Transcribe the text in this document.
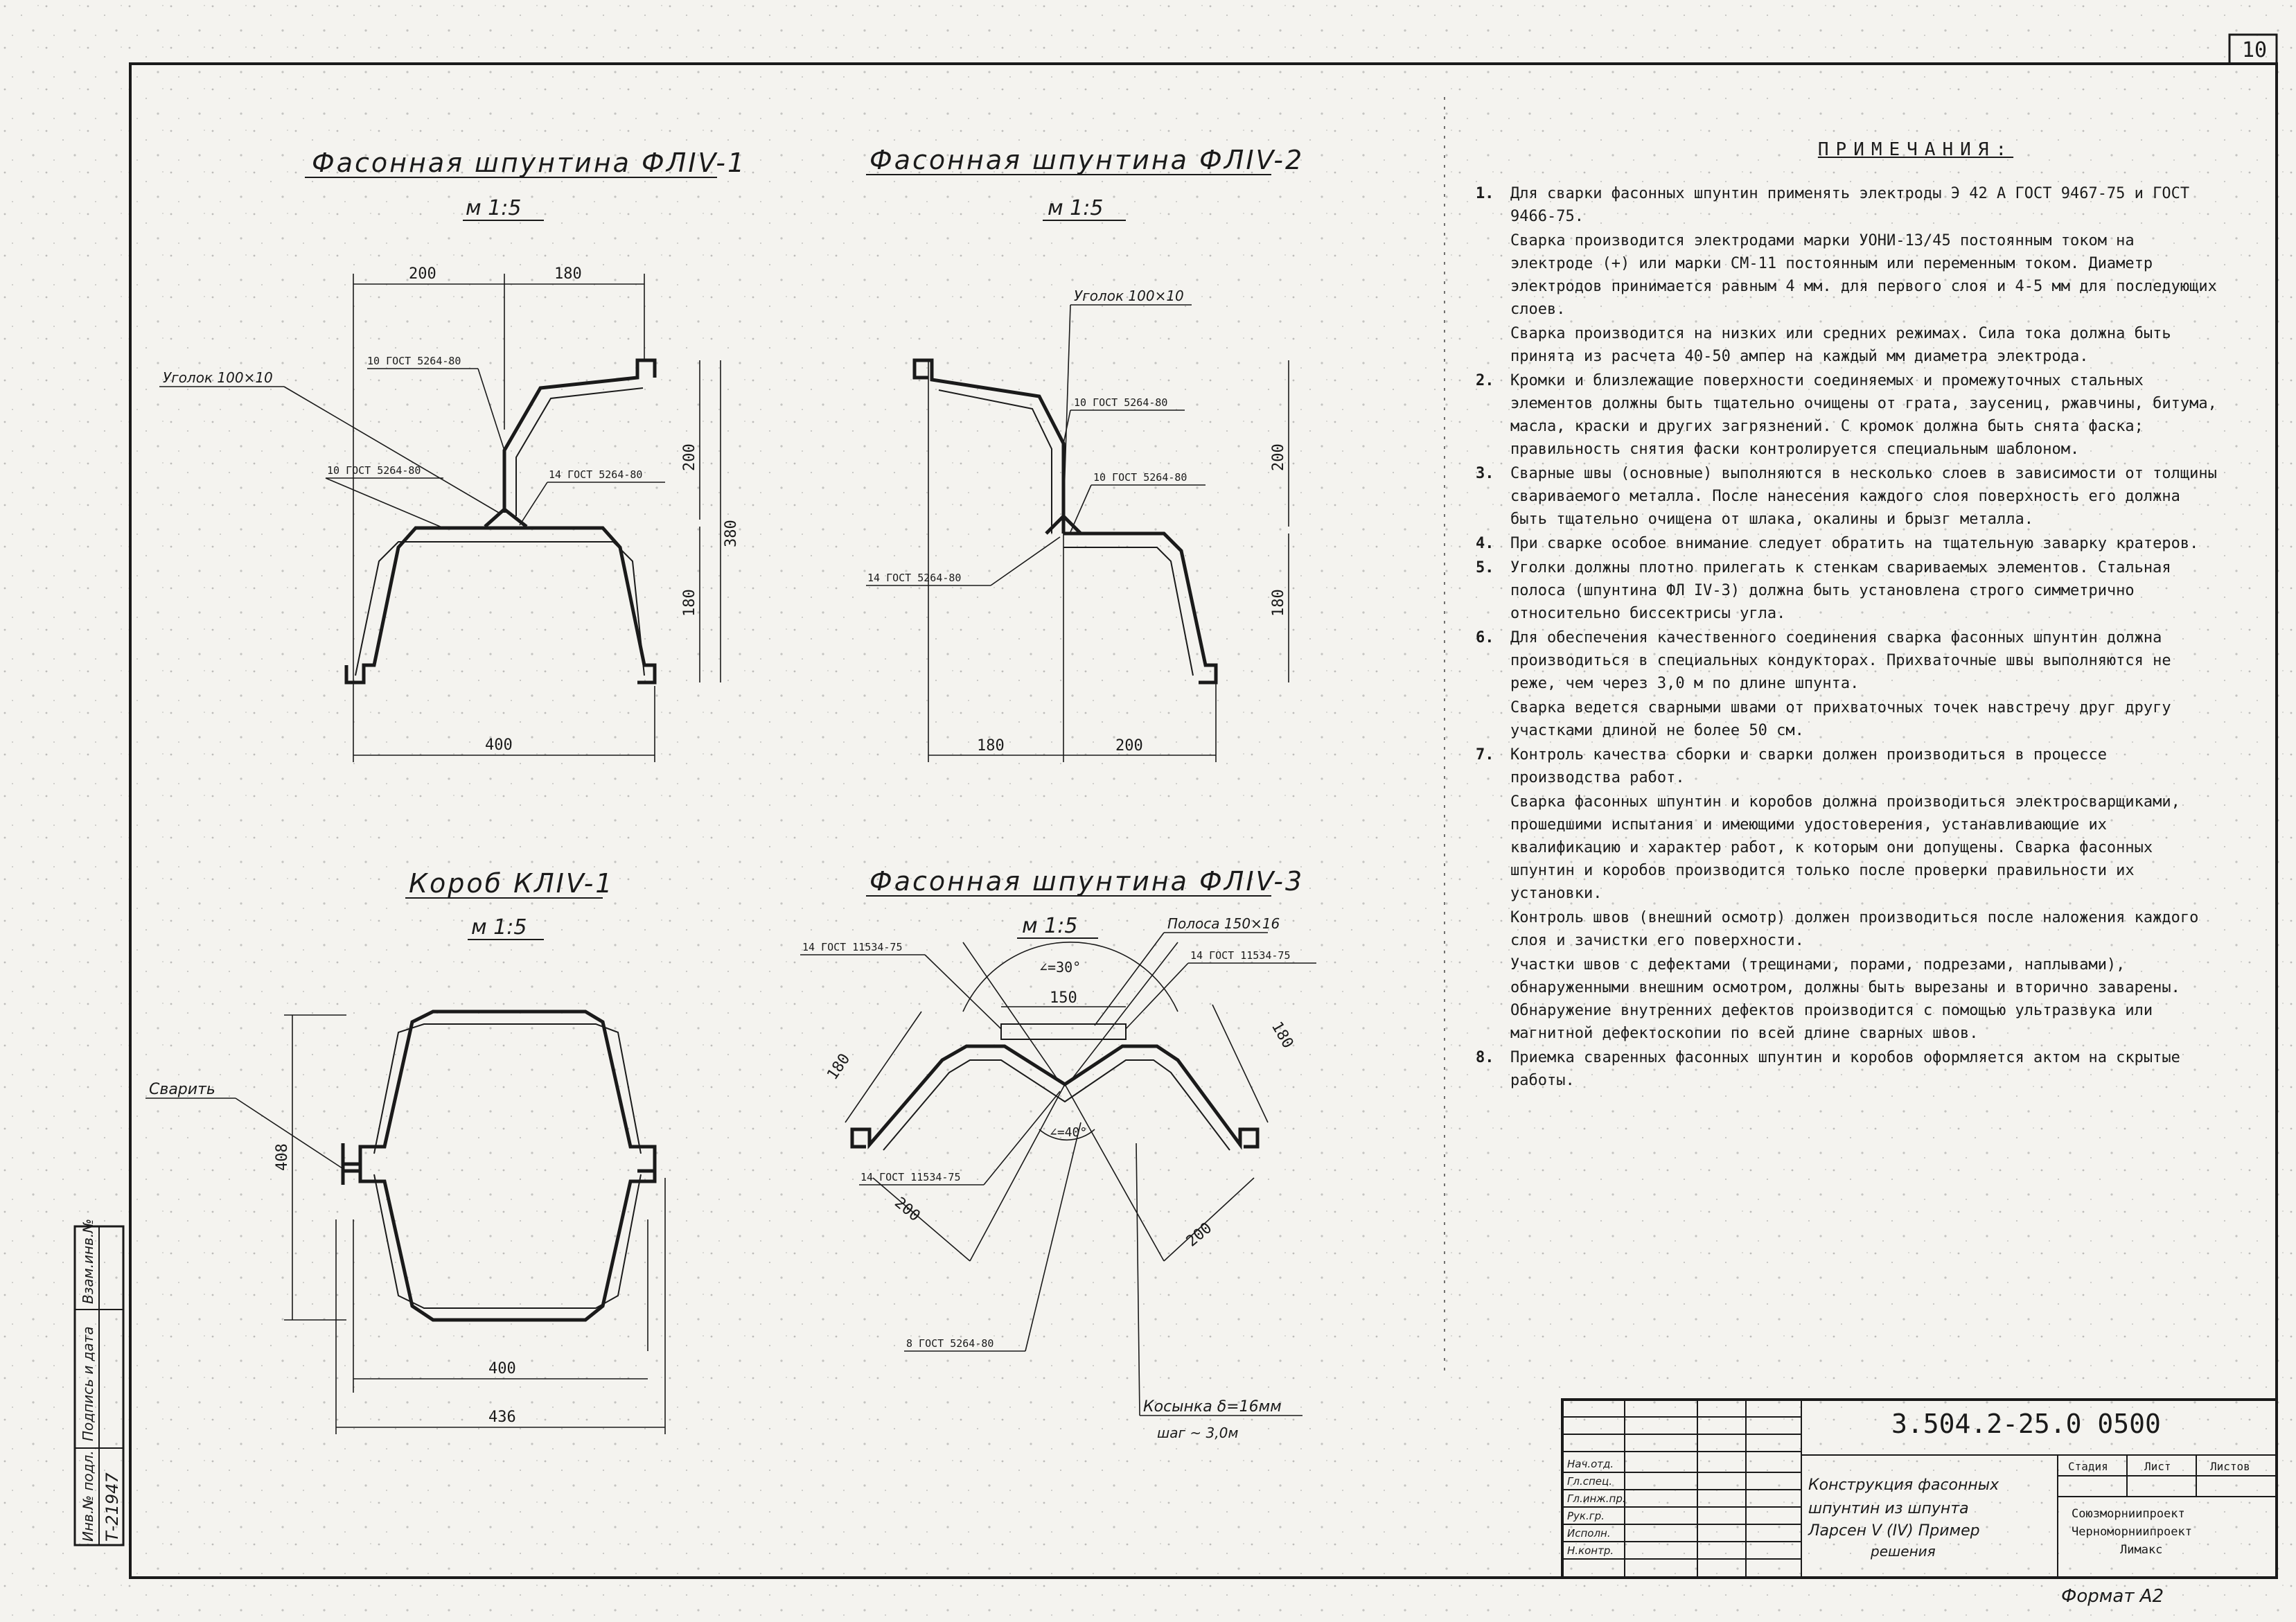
10
Инв.№ подл. Т-21947
Подпись и дата
Взам.инв.№
Фасонная шпунтина ФЛIV-1
м 1:5
200	180
200
180
380
400
Уголок 100×10
10 ГОСТ 5264-80
10 ГОСТ 5264-80	14 ГОСТ 5264-80
Фасонная шпунтина ФЛIV-2
м 1:5
180	200
200
180
Уголок 100×10
10 ГОСТ 5264-80
10 ГОСТ 5264-80
14 ГОСТ 5264-80
Короб КЛIV-1
м 1:5
408
400
436
Сварить
Фасонная шпунтина ФЛIV-3
м 1:5
∠=30°
150
∠=40°
180
180
200
200
14 ГОСТ 11534-75
14 ГОСТ 11534-75
Полоса 150×16
14 ГОСТ 11534-75
8 ГОСТ 5264-80
Косынка δ=16мм
шаг ~ 3,0м
Нач.отд.
Гл.спец.
Гл.инж.пр.
Рук.гр.
Исполн.
Н.контр.
3.504.2-25.0 0500
Конструкция фасонных
шпунтин из шпунта
Ларсен V (IV) Пример
решения
Стадия	Лист	Листов
Союзморниипроект
Черноморниипроект
Лимакс
Формат А2
ПРИМЕЧАНИЯ:
1. Для сварки фасонных шпунтин применять электроды Э 42 А ГОСТ 9467-75 и ГОСТ 9466-75.

Сварка производится электродами марки УОНИ-13/45 постоянным током на электроде (+) или марки СМ-11 постоянным или переменным током. Диаметр электродов принимается равным 4 мм. для первого слоя и 4-5 мм для последующих слоев.

Сварка производится на низких или средних режимах. Сила тока должна быть принята из расчета 40-50 ампер на каждый мм диаметра электрода.

2. Кромки и близлежащие поверхности соединяемых и промежуточных стальных элементов должны быть тщательно очищены от грата, заусениц, ржавчины, битума, масла, краски и других загрязнений. С кромок должна быть снята фаска; правильность снятия фаски контролируется специальным шаблоном.

3. Сварные швы (основные) выполняются в несколько слоев в зависимости от толщины свариваемого металла. После нанесения каждого слоя поверхность его должна быть тщательно очищена от шлака, окалины и брызг металла.

4. При сварке особое внимание следует обратить на тщательную заварку кратеров.

5. Уголки должны плотно прилегать к стенкам свариваемых элементов. Стальная полоса (шпунтина ФЛ IV-3) должна быть установлена строго симметрично относительно биссектрисы угла.

6. Для обеспечения качественного соединения сварка фасонных шпунтин должна производиться в специальных кондукторах. Прихваточные швы выполняются не реже, чем через 3,0 м по длине шпунта.

Сварка ведется сварными швами от прихваточных точек навстречу друг другу участками длиной не более 50 см.

7. Контроль качества сборки и сварки должен производиться в процессе производства работ.

Сварка фасонных шпунтин и коробов должна производиться электросварщиками, прошедшими испытания и имеющими удостоверения, устанавливающие их квалификацию и характер работ, к которым они допущены. Сварка фасонных шпунтин и коробов производится только после проверки правильности их установки.

Контроль швов (внешний осмотр) должен производиться после наложения каждого слоя и зачистки его поверхности.

Участки швов с дефектами (трещинами, порами, подрезами, наплывами), обнаруженными внешним осмотром, должны быть вырезаны и вторично заварены. Обнаружение внутренних дефектов производится с помощью ультразвука или магнитной дефектоскопии по всей длине сварных швов.

8. Приемка сваренных фасонных шпунтин и коробов оформляется актом на скрытые работы.
